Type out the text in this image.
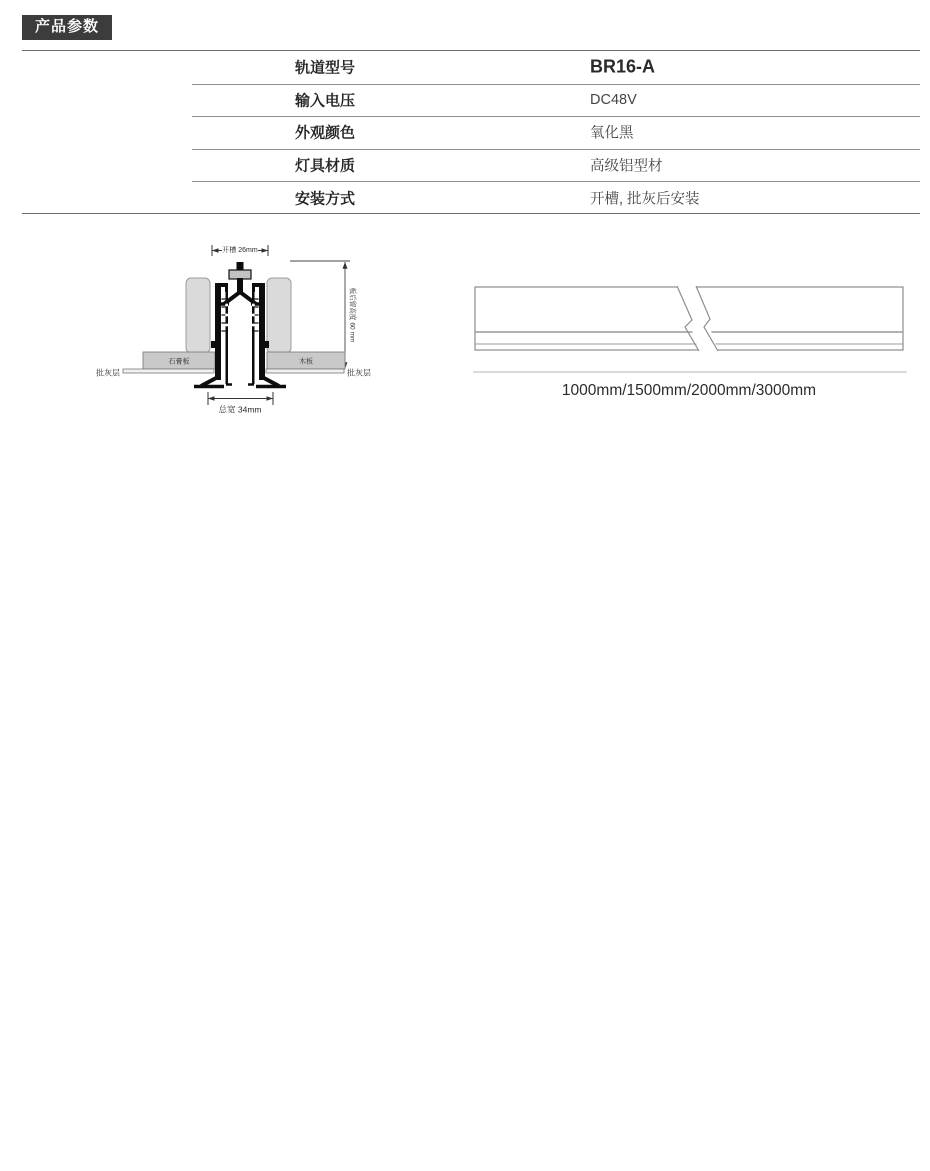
产品参数
轨道型号	BR16-A
输入电压	DC48V
外观颜色	氧化黑
灯具材质	高级铝型材
安装方式	开槽, 批灰后安装
开槽 26mm
板后留高度 60 mm
石膏板	木板
批灰层	批灰层
总宽 34mm
1000mm/1500mm/2000mm/3000mm
